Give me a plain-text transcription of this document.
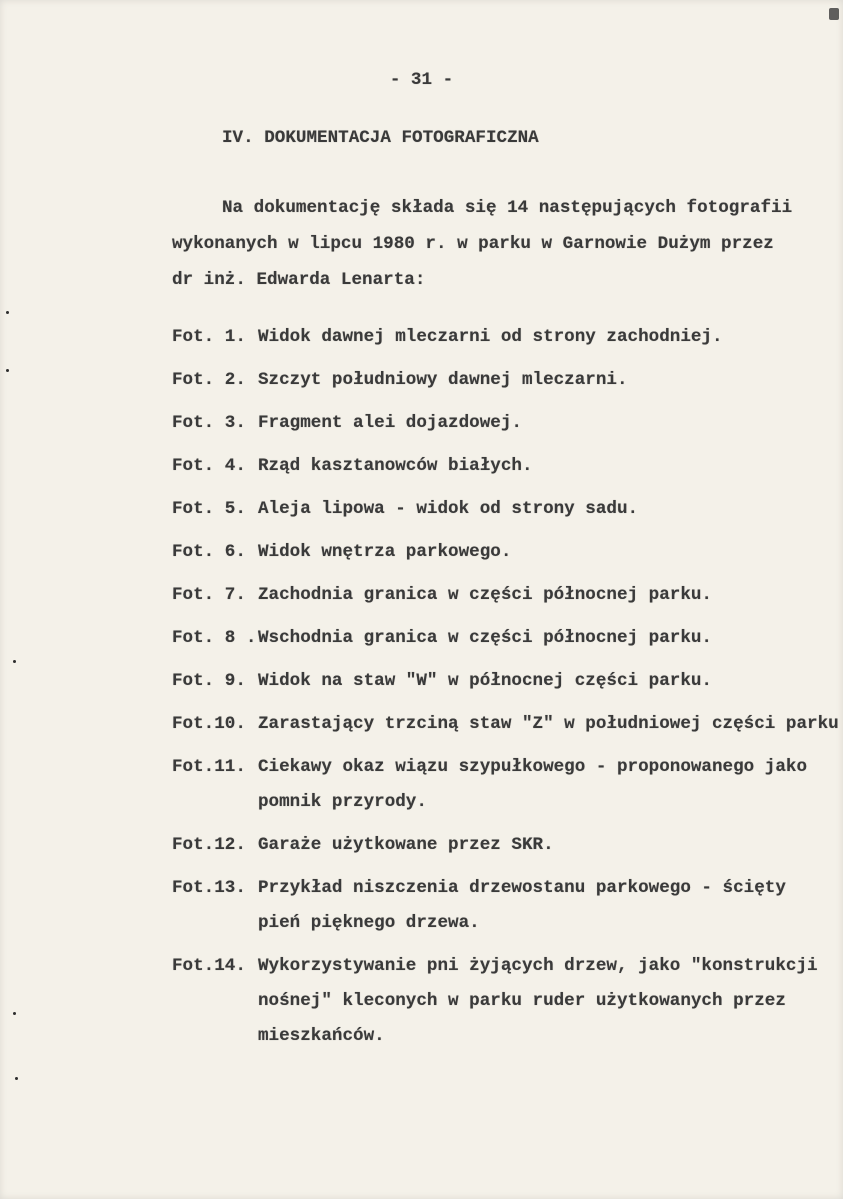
- 31 -
IV. DOKUMENTACJA FOTOGRAFICZNA
Na dokumentację składa się 14 następujących fotografii
wykonanych w lipcu 1980 r. w parku w Garnowie Dużym przez
dr inż. Edwarda Lenarta:
Fot. 1. Widok dawnej mleczarni od strony zachodniej.
Fot. 2. Szczyt południowy dawnej mleczarni.
Fot. 3. Fragment alei dojazdowej.
Fot. 4. Rząd kasztanowców białych.
Fot. 5. Aleja lipowa - widok od strony sadu.
Fot. 6. Widok wnętrza parkowego.
Fot. 7. Zachodnia granica w części północnej parku.
Fot. 8 . Wschodnia granica w części północnej parku.
Fot. 9. Widok na staw "W" w północnej części parku.
Fot.10. Zarastający trzciną staw "Z" w południowej części parku
Fot.11. Ciekawy okaz wiązu szypułkowego - proponowanego jako
pomnik przyrody.
Fot.12. Garaże użytkowane przez SKR.
Fot.13. Przykład niszczenia drzewostanu parkowego - ścięty
pień pięknego drzewa.
Fot.14. Wykorzystywanie pni żyjących drzew, jako "konstrukcji
nośnej" kleconych w parku ruder użytkowanych przez
mieszkańców.
